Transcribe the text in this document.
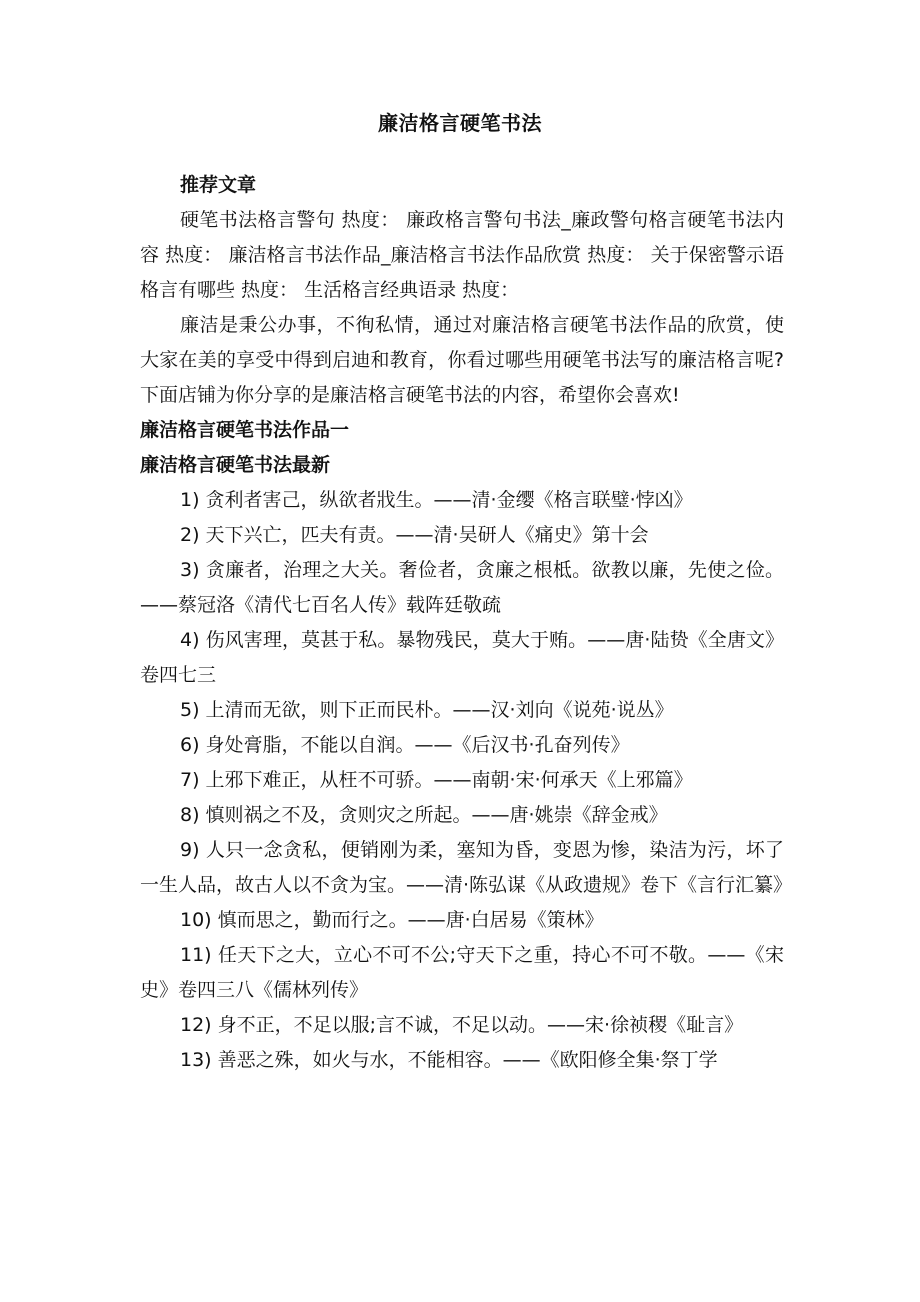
廉洁格言硬笔书法

推荐文章

硬笔书法格言警句 热度： 廉政格言警句书法_廉政警句格言硬笔书法内容 热度： 廉洁格言书法作品_廉洁格言书法作品欣赏 热度： 关于保密警示语格言有哪些 热度： 生活格言经典语录 热度：

廉洁是秉公办事，不徇私情，通过对廉洁格言硬笔书法作品的欣赏，使大家在美的享受中得到启迪和教育，你看过哪些用硬笔书法写的廉洁格言呢?下面店铺为你分享的是廉洁格言硬笔书法的内容，希望你会喜欢!

廉洁格言硬笔书法作品一

廉洁格言硬笔书法最新

1) 贪利者害己，纵欲者戕生。——清·金缨《格言联璧·悖凶》

2) 天下兴亡，匹夫有责。——清·吴研人《痛史》第十会

3) 贪廉者，治理之大关。奢俭者，贪廉之根柢。欲教以廉，先使之俭。——蔡冠洛《清代七百名人传》载阵廷敬疏

4) 伤风害理，莫甚于私。暴物残民，莫大于贿。——唐·陆贽《全唐文》卷四七三

5) 上清而无欲，则下正而民朴。——汉·刘向《说苑·说丛》

6) 身处膏脂，不能以自润。——《后汉书·孔奋列传》

7) 上邪下难正，从枉不可骄。——南朝·宋·何承天《上邪篇》

8) 慎则祸之不及，贪则灾之所起。——唐·姚崇《辞金戒》

9) 人只一念贪私，便销刚为柔，塞知为昏，变恩为惨，染洁为污，坏了一生人品，故古人以不贪为宝。——清·陈弘谋《从政遗规》卷下《言行汇纂》

10) 慎而思之，勤而行之。——唐·白居易《策林》

11) 任天下之大，立心不可不公;守天下之重，持心不可不敬。——《宋史》卷四三八《儒林列传》

12) 身不正，不足以服;言不诚，不足以动。——宋·徐祯稷《耻言》

13) 善恶之殊，如火与水，不能相容。——《欧阳修全集·祭丁学
